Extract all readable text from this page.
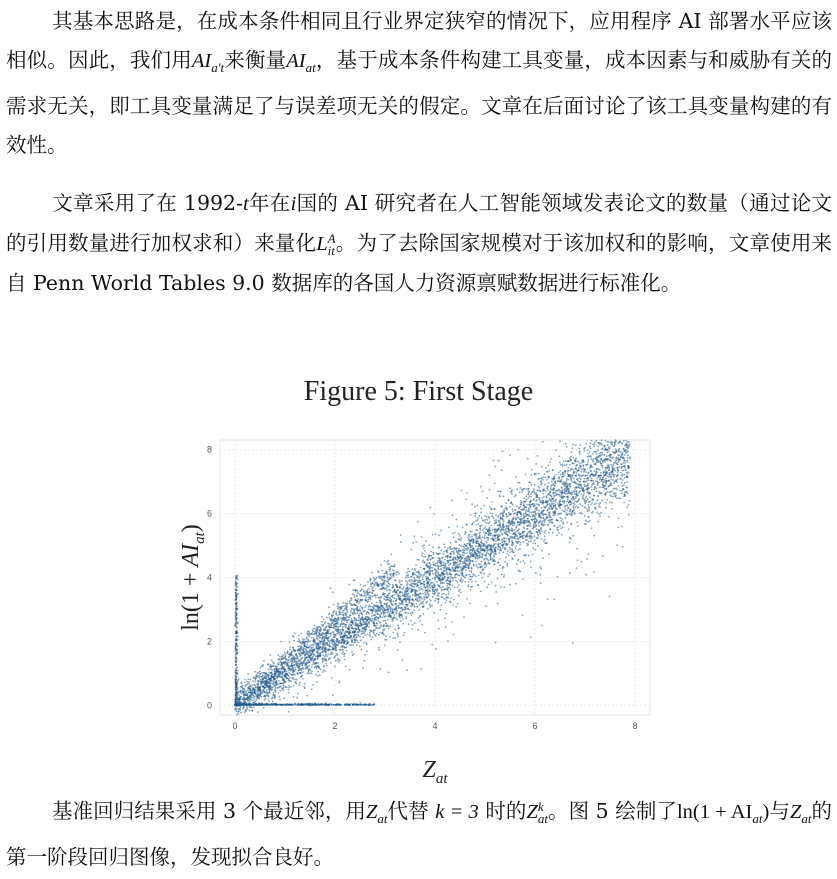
其基本思路是，在成本条件相同且行业界定狭窄的情况下，应用程序 AI 部署水平应该相似。因此，我们用$AI_{a't}$来衡量$AI_{at}$，基于成本条件构建工具变量，成本因素与和威胁有关的需求无关，即工具变量满足了与误差项无关的假定。文章在后面讨论了该工具变量构建的有效性。
文章采用了在 1992-t年在i国的 AI 研究者在人工智能领域发表论文的数量（通过论文的引用数量进行加权求和）来量化L A
it 。为了去除国家规模对于该加权和的影响，文章使用来自 Penn World Tables 9.0 数据库的各国人力资源禀赋数据进行标准化。
Figure 5: First Stage
0	2	4	6	8
0
2
4
6
8
$Z_{at}$
$\ln(1 + AI_{at})$
基准回归结果采用 3 个最近邻，用$Z_{at}$代替 k = 3 时的Z k
at 。图 5 绘制了$\ln(1 + AI_{at})$与$Z_{at}$的第一阶段回归图像，发现拟合良好。
